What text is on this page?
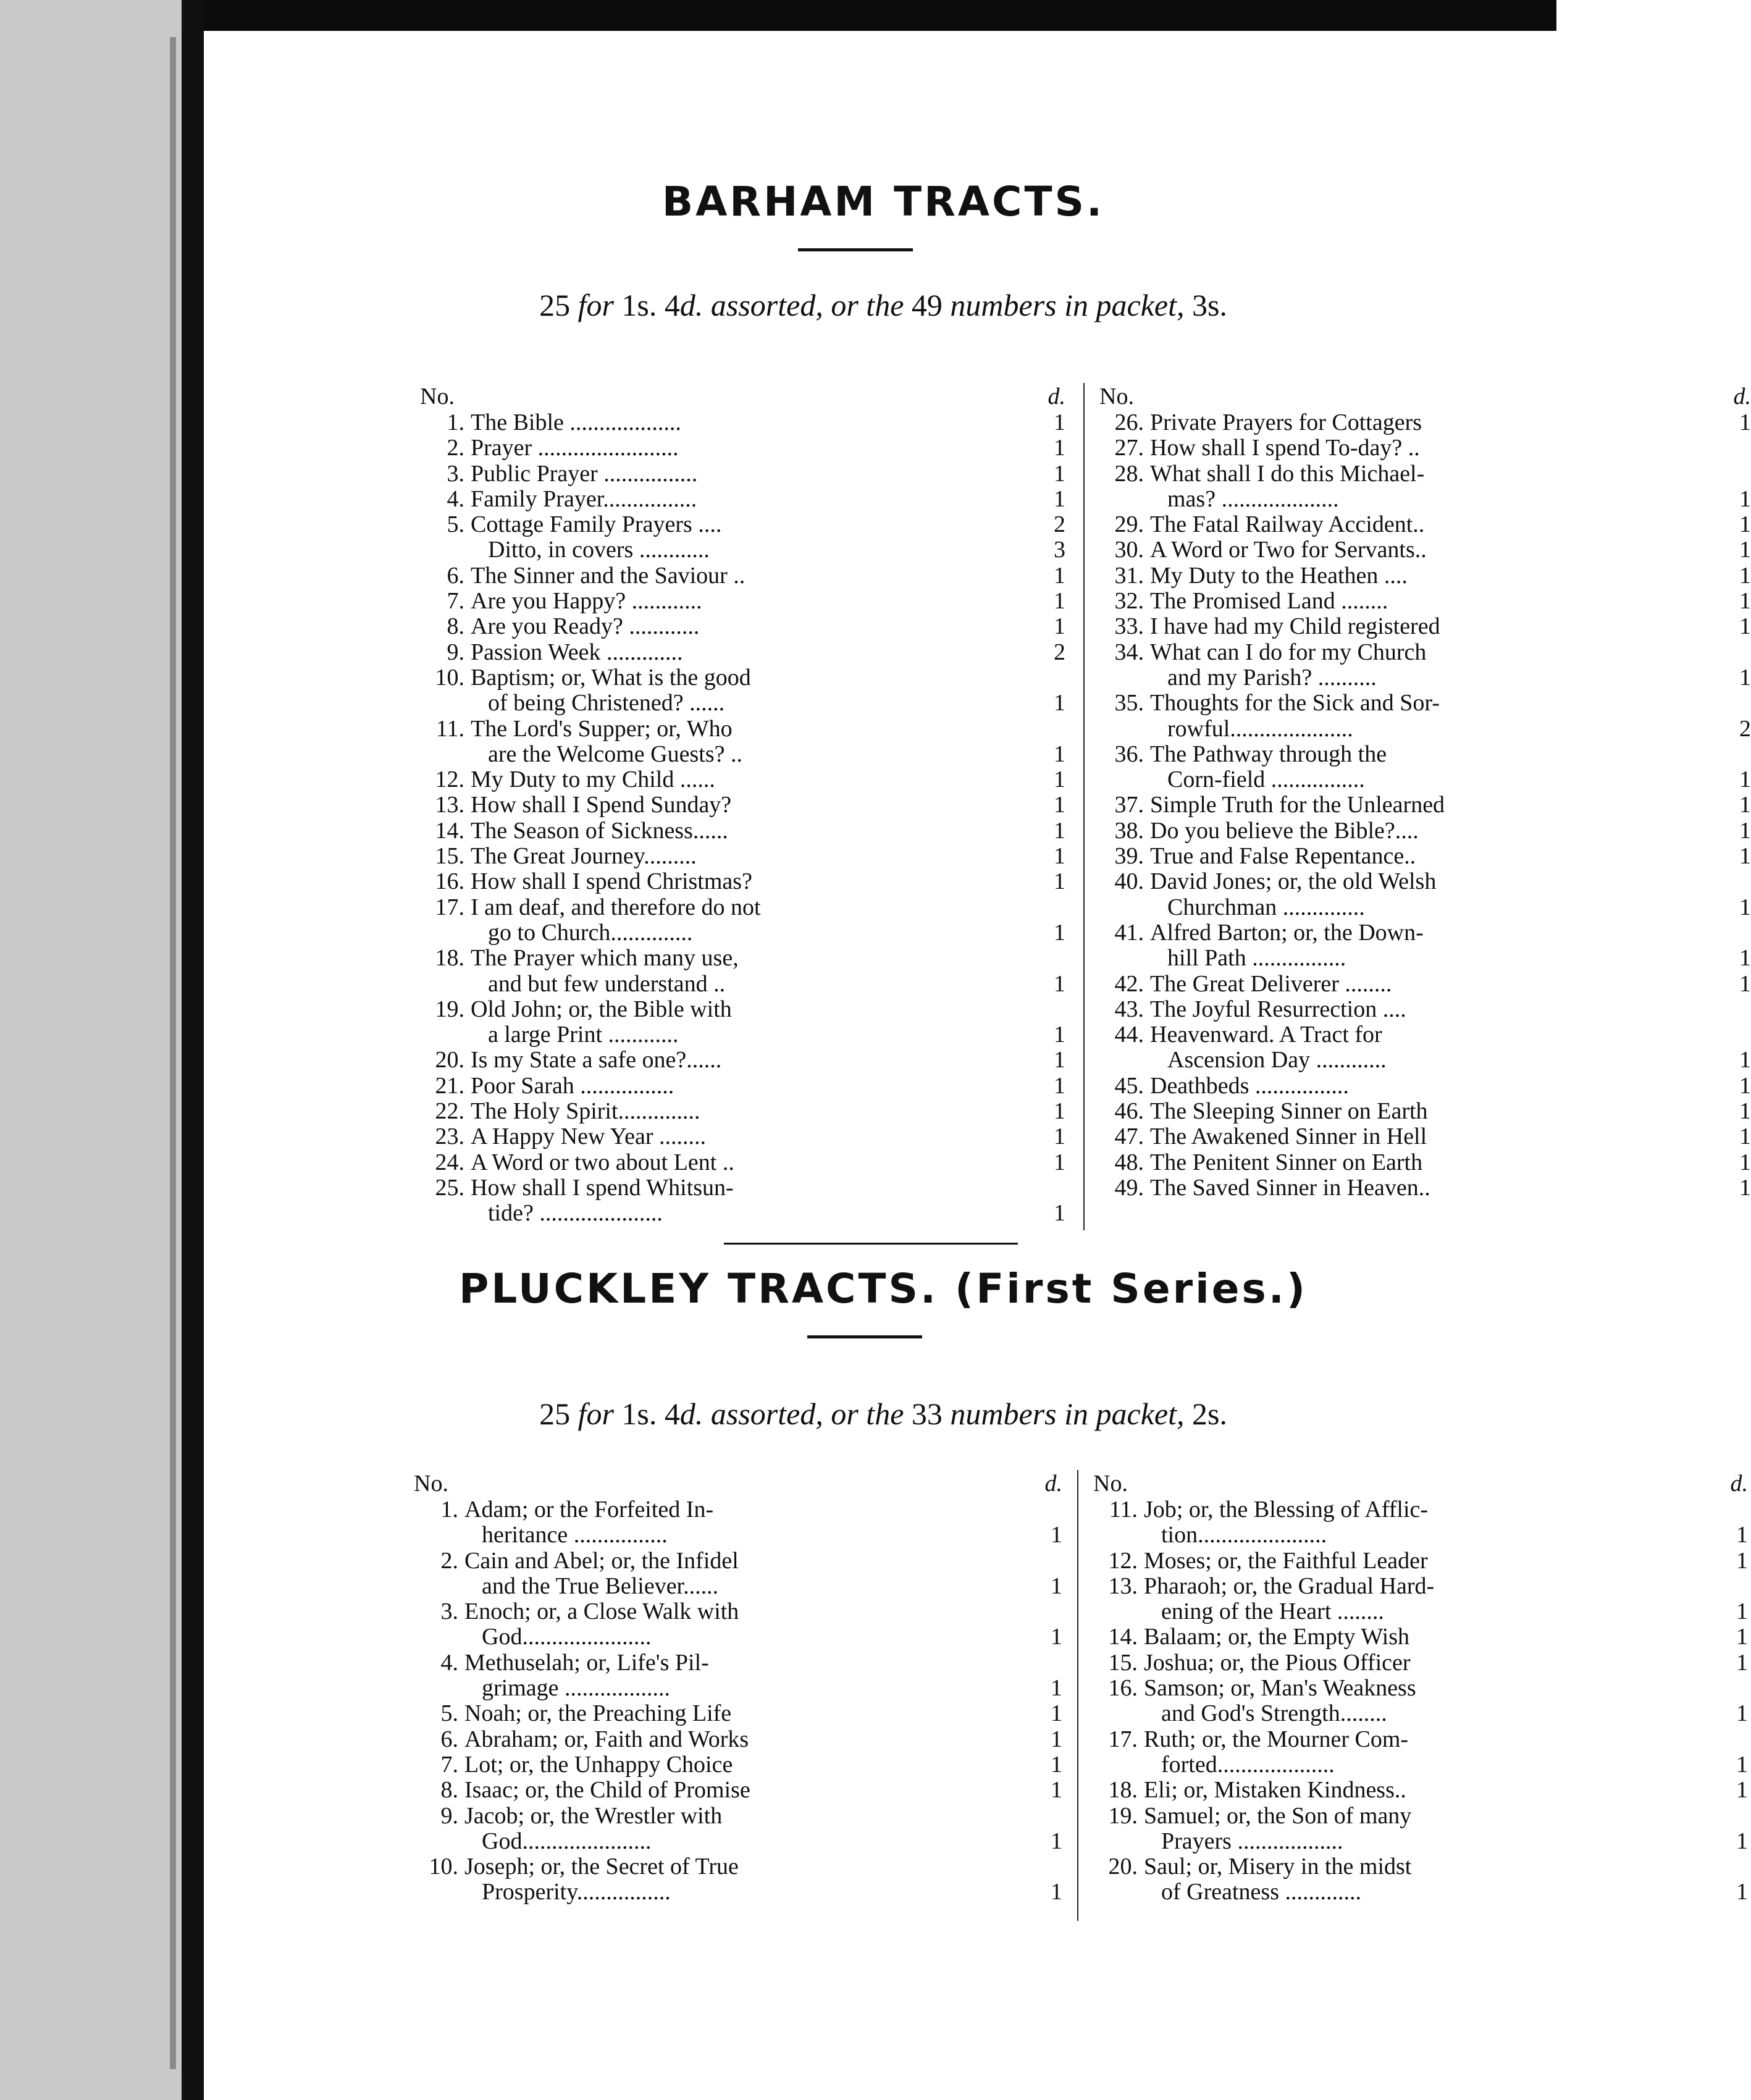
BARHAM TRACTS.
25 for 1s. 4d. assorted, or the 49 numbers in packet, 3s.
No.	d.
1. The Bible ...................	1
2. Prayer ........................	1
3. Public Prayer ................	1
4. Family Prayer................	1
5. Cottage Family Prayers ....	2
Ditto, in covers ............	3
6. The Sinner and the Saviour ..	1
7. Are you Happy? ............	1
8. Are you Ready? ............	1
9. Passion Week .............	2
10. Baptism; or, What is the good
of being Christened? ......	1
11. The Lord's Supper; or, Who
are the Welcome Guests? ..	1
12. My Duty to my Child ......	1
13. How shall I Spend Sunday?	1
14. The Season of Sickness......	1
15. The Great Journey.........	1
16. How shall I spend Christmas?	1
17. I am deaf, and therefore do not
go to Church..............	1
18. The Prayer which many use,
and but few understand ..	1
19. Old John; or, the Bible with
a large Print ............	1
20. Is my State a safe one?......	1
21. Poor Sarah ................	1
22. The Holy Spirit..............	1
23. A Happy New Year ........	1
24. A Word or two about Lent ..	1
25. How shall I spend Whitsun-
tide? .....................	1
No.	d.
26. Private Prayers for Cottagers	1
27. How shall I spend To-day? ..
28. What shall I do this Michael-
mas? ....................	1
29. The Fatal Railway Accident..	1
30. A Word or Two for Servants..	1
31. My Duty to the Heathen ....	1
32. The Promised Land ........	1
33. I have had my Child registered	1
34. What can I do for my Church
and my Parish? ..........	1
35. Thoughts for the Sick and Sor-
rowful.....................	2
36. The Pathway through the
Corn-field ................	1
37. Simple Truth for the Unlearned	1
38. Do you believe the Bible?....	1
39. True and False Repentance..	1
40. David Jones; or, the old Welsh
Churchman ..............	1
41. Alfred Barton; or, the Down-
hill Path ................	1
42. The Great Deliverer ........	1
43. The Joyful Resurrection ....
44. Heavenward. A Tract for
Ascension Day ............	1
45. Deathbeds ................	1
46. The Sleeping Sinner on Earth	1
47. The Awakened Sinner in Hell	1
48. The Penitent Sinner on Earth	1
49. The Saved Sinner in Heaven..	1
PLUCKLEY TRACTS. (First Series.)
25 for 1s. 4d. assorted, or the 33 numbers in packet, 2s.
No.	d.
1. Adam; or the Forfeited In-
heritance ................	1
2. Cain and Abel; or, the Infidel
and the True Believer......	1
3. Enoch; or, a Close Walk with
God......................	1
4. Methuselah; or, Life's Pil-
grimage ..................	1
5. Noah; or, the Preaching Life	1
6. Abraham; or, Faith and Works	1
7. Lot; or, the Unhappy Choice	1
8. Isaac; or, the Child of Promise	1
9. Jacob; or, the Wrestler with
God......................	1
10. Joseph; or, the Secret of True
Prosperity................	1
No.	d.
11. Job; or, the Blessing of Afflic-
tion......................	1
12. Moses; or, the Faithful Leader	1
13. Pharaoh; or, the Gradual Hard-
ening of the Heart ........	1
14. Balaam; or, the Empty Wish	1
15. Joshua; or, the Pious Officer	1
16. Samson; or, Man's Weakness
and God's Strength........	1
17. Ruth; or, the Mourner Com-
forted....................	1
18. Eli; or, Mistaken Kindness..	1
19. Samuel; or, the Son of many
Prayers ..................	1
20. Saul; or, Misery in the midst
of Greatness .............	1
